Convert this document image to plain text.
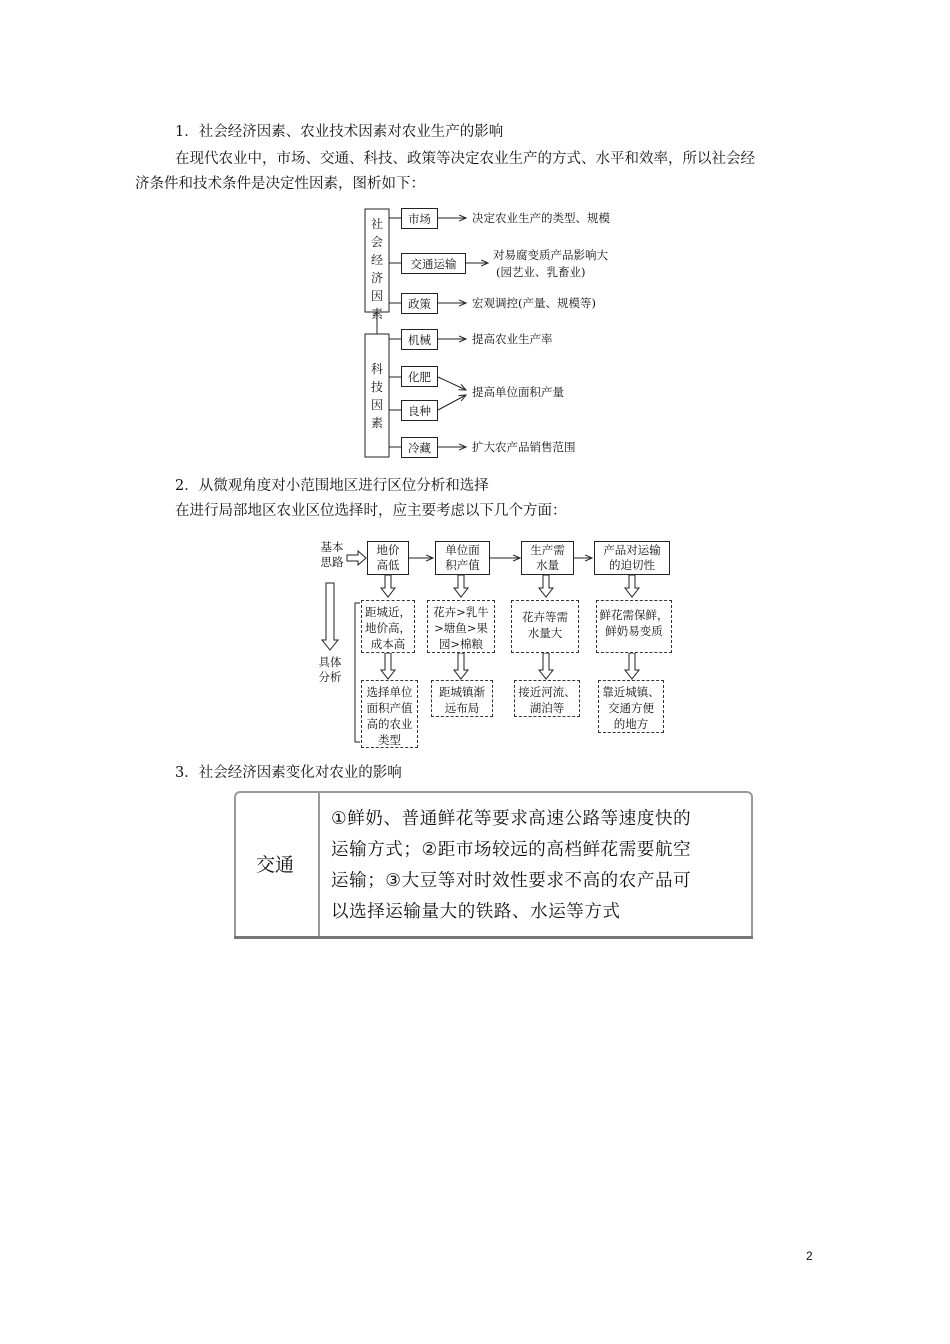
1．社会经济因素、农业技术因素对农业生产的影响
在现代农业中，市场、交通、科技、政策等决定农业生产的方式、水平和效率，所以社会经
济条件和技术条件是决定性因素，图析如下：
社
会
经
济
因
素
科
技
因
素
市场
交通运输
政策
机械
化肥
良种
冷藏
决定农业生产的类型、规模
对易腐变质产品影响大
(园艺业、乳畜业)
宏观调控(产量、规模等)
提高农业生产率
提高单位面积产量
扩大农产品销售范围
2．从微观角度对小范围地区进行区位分析和选择
在进行局部地区农业区位选择时，应主要考虑以下几个方面：
基本
思路
具体
分析
地价
高低
距城近，
地价高，
成本高
选择单位
面积产值
高的农业
类型
单位面
积产值
花卉>乳牛
>塘鱼>果
园>棉粮
距城镇渐
远布局
生产需
水量
花卉等需
水量大
接近河流、
湖泊等
产品对运输
的迫切性
鲜花需保鲜，
鲜奶易变质
靠近城镇、
交通方便
的地方
3．社会经济因素变化对农业的影响
交通
①鲜奶、普通鲜花等要求高速公路等速度快的
运输方式；②距市场较远的高档鲜花需要航空
运输；③大豆等对时效性要求不高的农产品可
以选择运输量大的铁路、水运等方式
2
